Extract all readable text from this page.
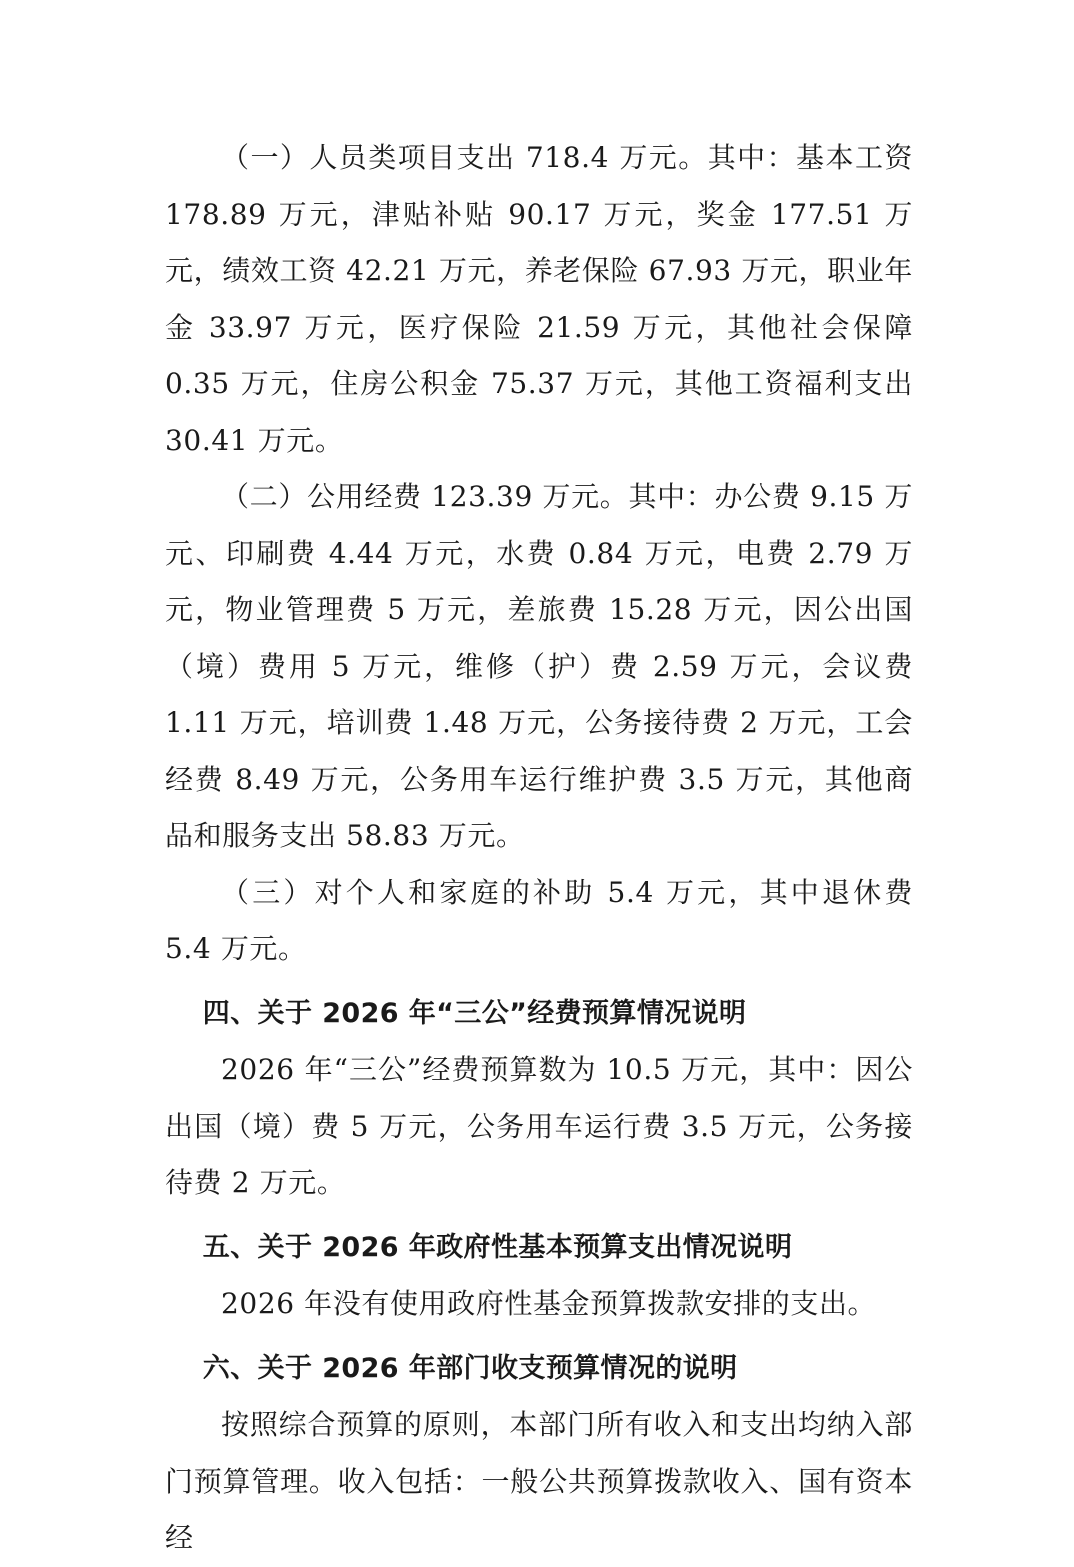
（一）人员类项目支出 718.4 万元。其中：基本工资 178.89 万元，津贴补贴 90.17 万元，奖金 177.51 万元，绩效工资 42.21 万元，养老保险 67.93 万元，职业年金 33.97 万元，医疗保险 21.59 万元，其他社会保障 0.35 万元，住房公积金 75.37 万元，其他工资福利支出 30.41 万元。

（二）公用经费 123.39 万元。其中：办公费 9.15 万元、印刷费 4.44 万元，水费 0.84 万元，电费 2.79 万元，物业管理费 5 万元，差旅费 15.28 万元，因公出国（境）费用 5 万元，维修（护）费 2.59 万元，会议费 1.11 万元，培训费 1.48 万元，公务接待费 2 万元，工会经费 8.49 万元，公务用车运行维护费 3.5 万元，其他商品和服务支出 58.83 万元。

（三）对个人和家庭的补助 5.4 万元，其中退休费 5.4 万元。

四、关于 2026 年“三公”经费预算情况说明

2026 年“三公”经费预算数为 10.5 万元，其中：因公出国（境）费 5 万元，公务用车运行费 3.5 万元，公务接待费 2 万元。

五、关于 2026 年政府性基本预算支出情况说明

2026 年没有使用政府性基金预算拨款安排的支出。

六、关于 2026 年部门收支预算情况的说明

按照综合预算的原则，本部门所有收入和支出均纳入部门预算管理。收入包括：一般公共预算拨款收入、国有资本经
